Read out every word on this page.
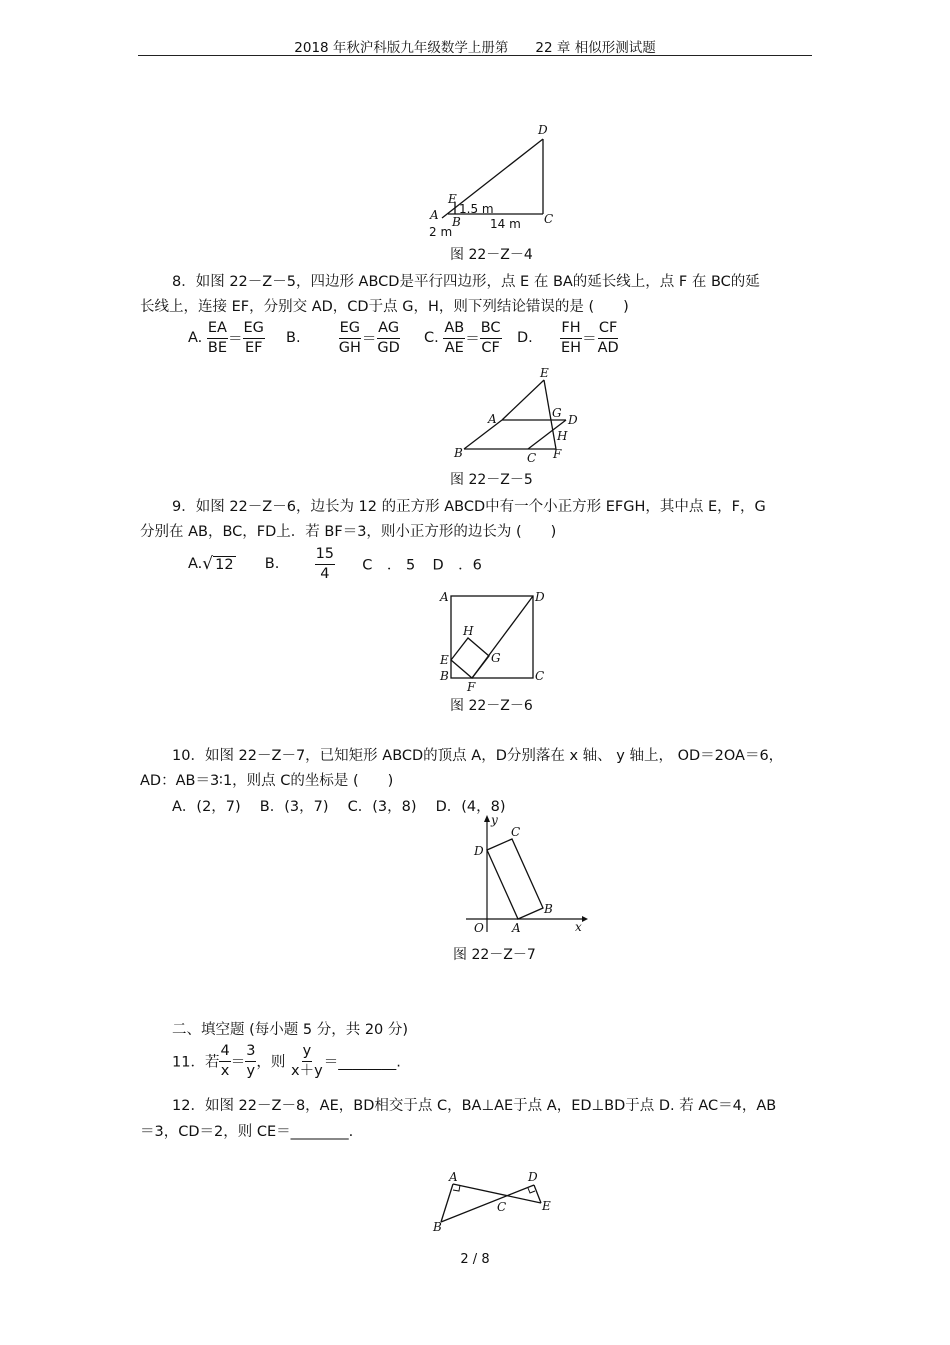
2018 年秋沪科版九年级数学上册第　　22 章 相似形测试题
D
E
A B	C
1.5 m
14 m
2 m
图 22－Z－4
8．如图 22－Z－5，四边形 ABCD是平行四边形，点 E 在 BA的延长线上，点 F 在 BC的延
长线上，连接 EF，分别交 AD，CD于点 G，H，则下列结论错误的是 (　　)
A. $\frac{EA}{BE} = \frac{EG}{EF} B$.	$\frac{EG}{GH} = \frac{AG}{GD} C$. $\frac{AB}{AE} = \frac{BC}{CF} D$. $\frac{FH}{EH} = \frac{CF}{AD}$
E
A	G D
H
B	C F
图 22－Z－5
9．如图 22－Z－6，边长为 12 的正方形 ABCD中有一个小正方形 EFGH，其中点 E，F，G
分别在 AB，BC，FD上．若 BF＝3，则小正方形的边长为 (　　)
A. √ 12 B. $\frac{15}{4}$ C　． 5 D　．6
A	D
H
G
E
B
F
C
图 22－Z－6
10．如图 22－Z－7，已知矩形 ABCD的顶点 A，D分别落在 x 轴、 y 轴上， OD＝2OA＝6，
AD：AB＝3∶1，则点 C的坐标是 (　　)
A．(2，7)　 B．(3，7)　 C．(3，8)　 D．(4，8)
y
x
C
D
B
O A
图 22－Z－7
二、填空题 (每小题 5 分，共 20 分)
11．若 $\frac{4}{x} = \frac{3}{y}$ ，则 $\frac{y}{x+y}$ ＝________.
12．如图 22－Z－8，AE，BD相交于点 C，BA⊥AE于点 A，ED⊥BD于点 D. 若 AC＝4，AB
＝3，CD＝2，则 CE＝________.
A	D
E
C
B
2 / 8
